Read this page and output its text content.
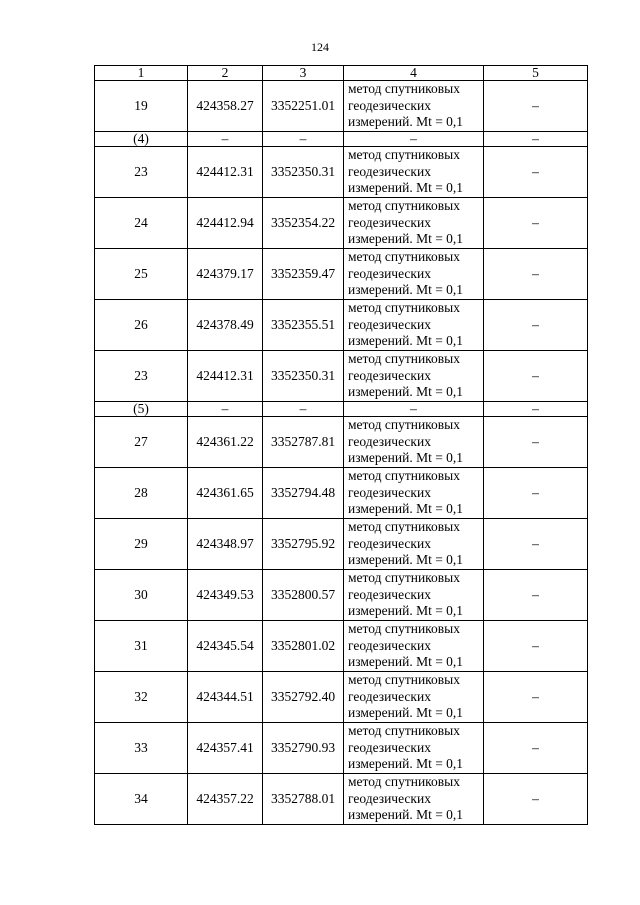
124
1	2	3	4	5
19	424358.27	3352251.01	метод спутниковых
геодезических
измерений. Mt = 0,1	–
(4)	–	–	–	–
23	424412.31	3352350.31	метод спутниковых
геодезических
измерений. Mt = 0,1	–
24	424412.94	3352354.22	метод спутниковых
геодезических
измерений. Mt = 0,1	–
25	424379.17	3352359.47	метод спутниковых
геодезических
измерений. Mt = 0,1	–
26	424378.49	3352355.51	метод спутниковых
геодезических
измерений. Mt = 0,1	–
23	424412.31	3352350.31	метод спутниковых
геодезических
измерений. Mt = 0,1	–
(5)	–	–	–	–
27	424361.22	3352787.81	метод спутниковых
геодезических
измерений. Mt = 0,1	–
28	424361.65	3352794.48	метод спутниковых
геодезических
измерений. Mt = 0,1	–
29	424348.97	3352795.92	метод спутниковых
геодезических
измерений. Mt = 0,1	–
30	424349.53	3352800.57	метод спутниковых
геодезических
измерений. Mt = 0,1	–
31	424345.54	3352801.02	метод спутниковых
геодезических
измерений. Mt = 0,1	–
32	424344.51	3352792.40	метод спутниковых
геодезических
измерений. Mt = 0,1	–
33	424357.41	3352790.93	метод спутниковых
геодезических
измерений. Mt = 0,1	–
34	424357.22	3352788.01	метод спутниковых
геодезических
измерений. Mt = 0,1	–
